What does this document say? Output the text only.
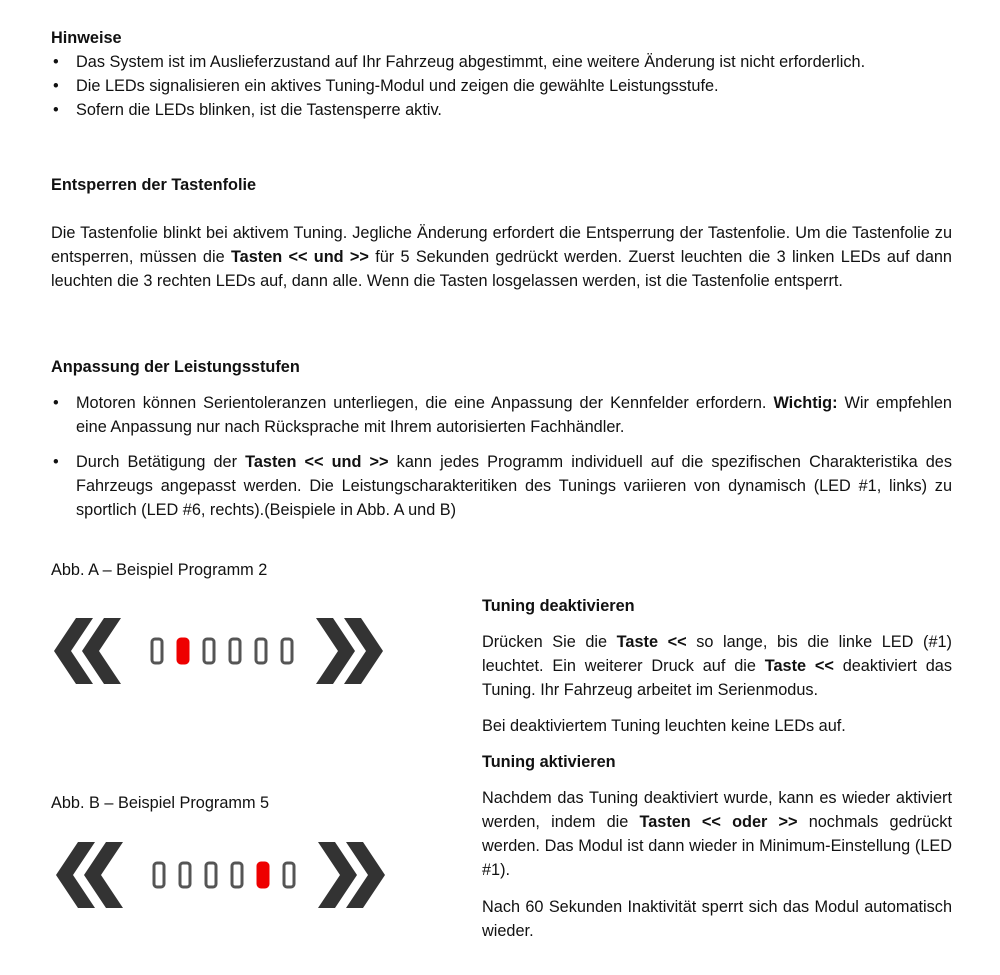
Hinweise
• Das System ist im Auslieferzustand auf Ihr Fahrzeug abgestimmt, eine weitere Änderung ist nicht erforderlich.
• Die LEDs signalisieren ein aktives Tuning-Modul und zeigen die gewählte Leistungsstufe.
• Sofern die LEDs blinken, ist die Tastensperre aktiv.
Entsperren der Tastenfolie

Die Tastenfolie blinkt bei aktivem Tuning. Jegliche Änderung erfordert die Entsperrung der Tastenfolie. Um die Tastenfolie zu entsperren, müssen die Tasten << und >> für 5 Sekunden gedrückt werden. Zuerst leuchten die 3 linken LEDs auf dann leuchten die 3 rechten LEDs auf, dann alle. Wenn die Tasten losgelassen werden, ist die Tastenfolie entsperrt.

Anpassung der Leistungsstufen
• Motoren können Serientoleranzen unterliegen, die eine Anpassung der Kennfelder erfordern. Wichtig: Wir empfehlen eine Anpassung nur nach Rücksprache mit Ihrem autorisierten Fachhändler.
• Durch Betätigung der Tasten << und >> kann jedes Programm individuell auf die spezifischen Charakteristika des Fahrzeugs angepasst werden. Die Leistungscharakteritiken des Tunings variieren von dynamisch (LED #1, links) zu sportlich (LED #6, rechts).(Beispiele in Abb. A und B)
Abb. A – Beispiel Programm 2
Abb. B – Beispiel Programm 5
Tuning deaktivieren

Drücken Sie die Taste << so lange, bis die linke LED (#1) leuchtet. Ein weiterer Druck auf die Taste << deaktiviert das Tuning. Ihr Fahrzeug arbeitet im Serienmodus.

Bei deaktiviertem Tuning leuchten keine LEDs auf.

Tuning aktivieren

Nachdem das Tuning deaktiviert wurde, kann es wieder aktiviert werden, indem die Tasten << oder >> nochmals gedrückt werden. Das Modul ist dann wieder in Minimum-Einstellung (LED #1).

Nach 60 Sekunden Inaktivität sperrt sich das Modul automatisch wieder.
